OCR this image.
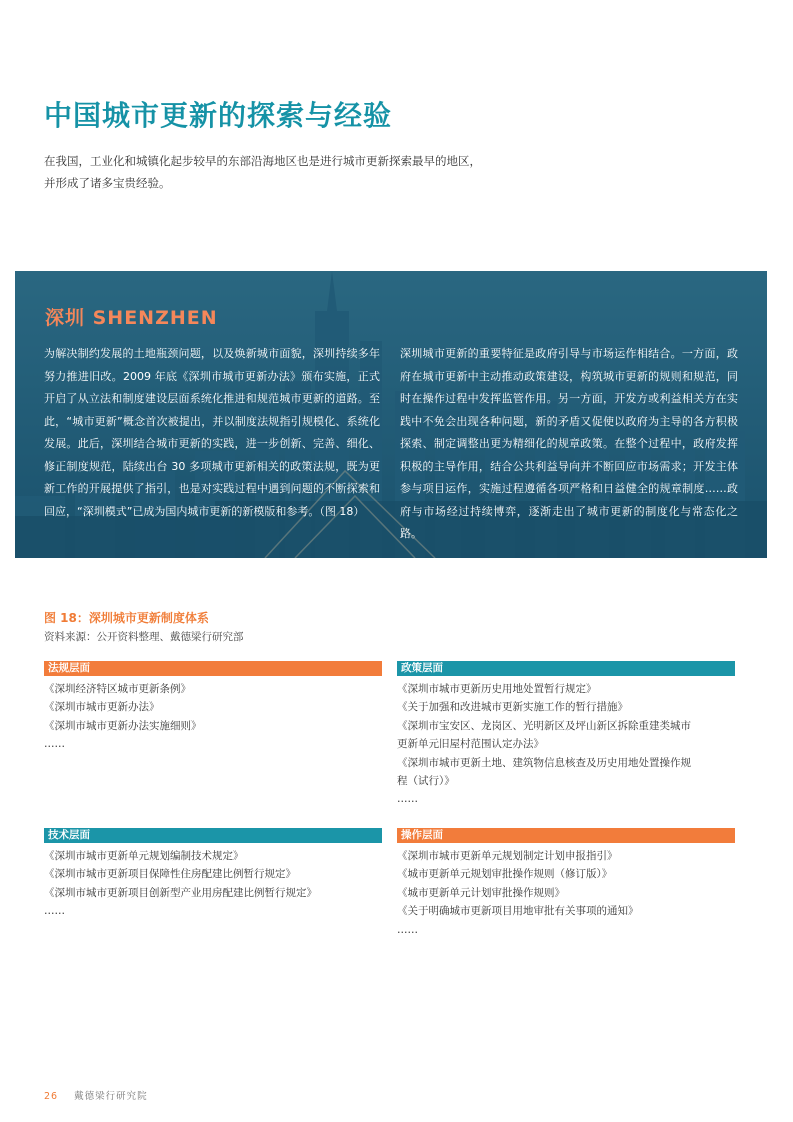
中国城市更新的探索与经验
在我国，工业化和城镇化起步较早的东部沿海地区也是进行城市更新探索最早的地区，
并形成了诸多宝贵经验。
深圳 SHENZHEN
为解决制约发展的土地瓶颈问题，以及焕新城市面貌，深圳持续多年努力推进旧改。2009 年底《深圳市城市更新办法》颁布实施，正式开启了从立法和制度建设层面系统化推进和规范城市更新的道路。至此，“城市更新”概念首次被提出，并以制度法规指引规模化、系统化发展。此后，深圳结合城市更新的实践，进一步创新、完善、细化、修正制度规范，陆续出台 30 多项城市更新相关的政策法规，既为更新工作的开展提供了指引，也是对实践过程中遇到问题的不断探索和回应，“深圳模式”已成为国内城市更新的新模版和参考。（图 18）
深圳城市更新的重要特征是政府引导与市场运作相结合。一方面，政府在城市更新中主动推动政策建设，构筑城市更新的规则和规范，同时在操作过程中发挥监管作用。另一方面，开发方或利益相关方在实践中不免会出现各种问题，新的矛盾又促使以政府为主导的各方积极探索、制定调整出更为精细化的规章政策。在整个过程中，政府发挥积极的主导作用，结合公共利益导向并不断回应市场需求；开发主体参与项目运作，实施过程遵循各项严格和日益健全的规章制度……政府与市场经过持续博弈，逐渐走出了城市更新的制度化与常态化之路。
图 18：深圳城市更新制度体系
资料来源：公开资料整理、戴德梁行研究部
法规层面
《深圳经济特区城市更新条例》
《深圳市城市更新办法》
《深圳市城市更新办法实施细则》
……
政策层面
《深圳市城市更新历史用地处置暂行规定》
《关于加强和改进城市更新实施工作的暂行措施》
《深圳市宝安区、龙岗区、光明新区及坪山新区拆除重建类城市
更新单元旧屋村范围认定办法》
《深圳市城市更新土地、建筑物信息核查及历史用地处置操作规
程（试行）》
……
技术层面
《深圳市城市更新单元规划编制技术规定》
《深圳市城市更新项目保障性住房配建比例暂行规定》
《深圳市城市更新项目创新型产业用房配建比例暂行规定》
……
操作层面
《深圳市城市更新单元规划制定计划申报指引》
《城市更新单元规划审批操作规则（修订版）》
《城市更新单元计划审批操作规则》
《关于明确城市更新项目用地审批有关事项的通知》
……
26 戴德梁行研究院
